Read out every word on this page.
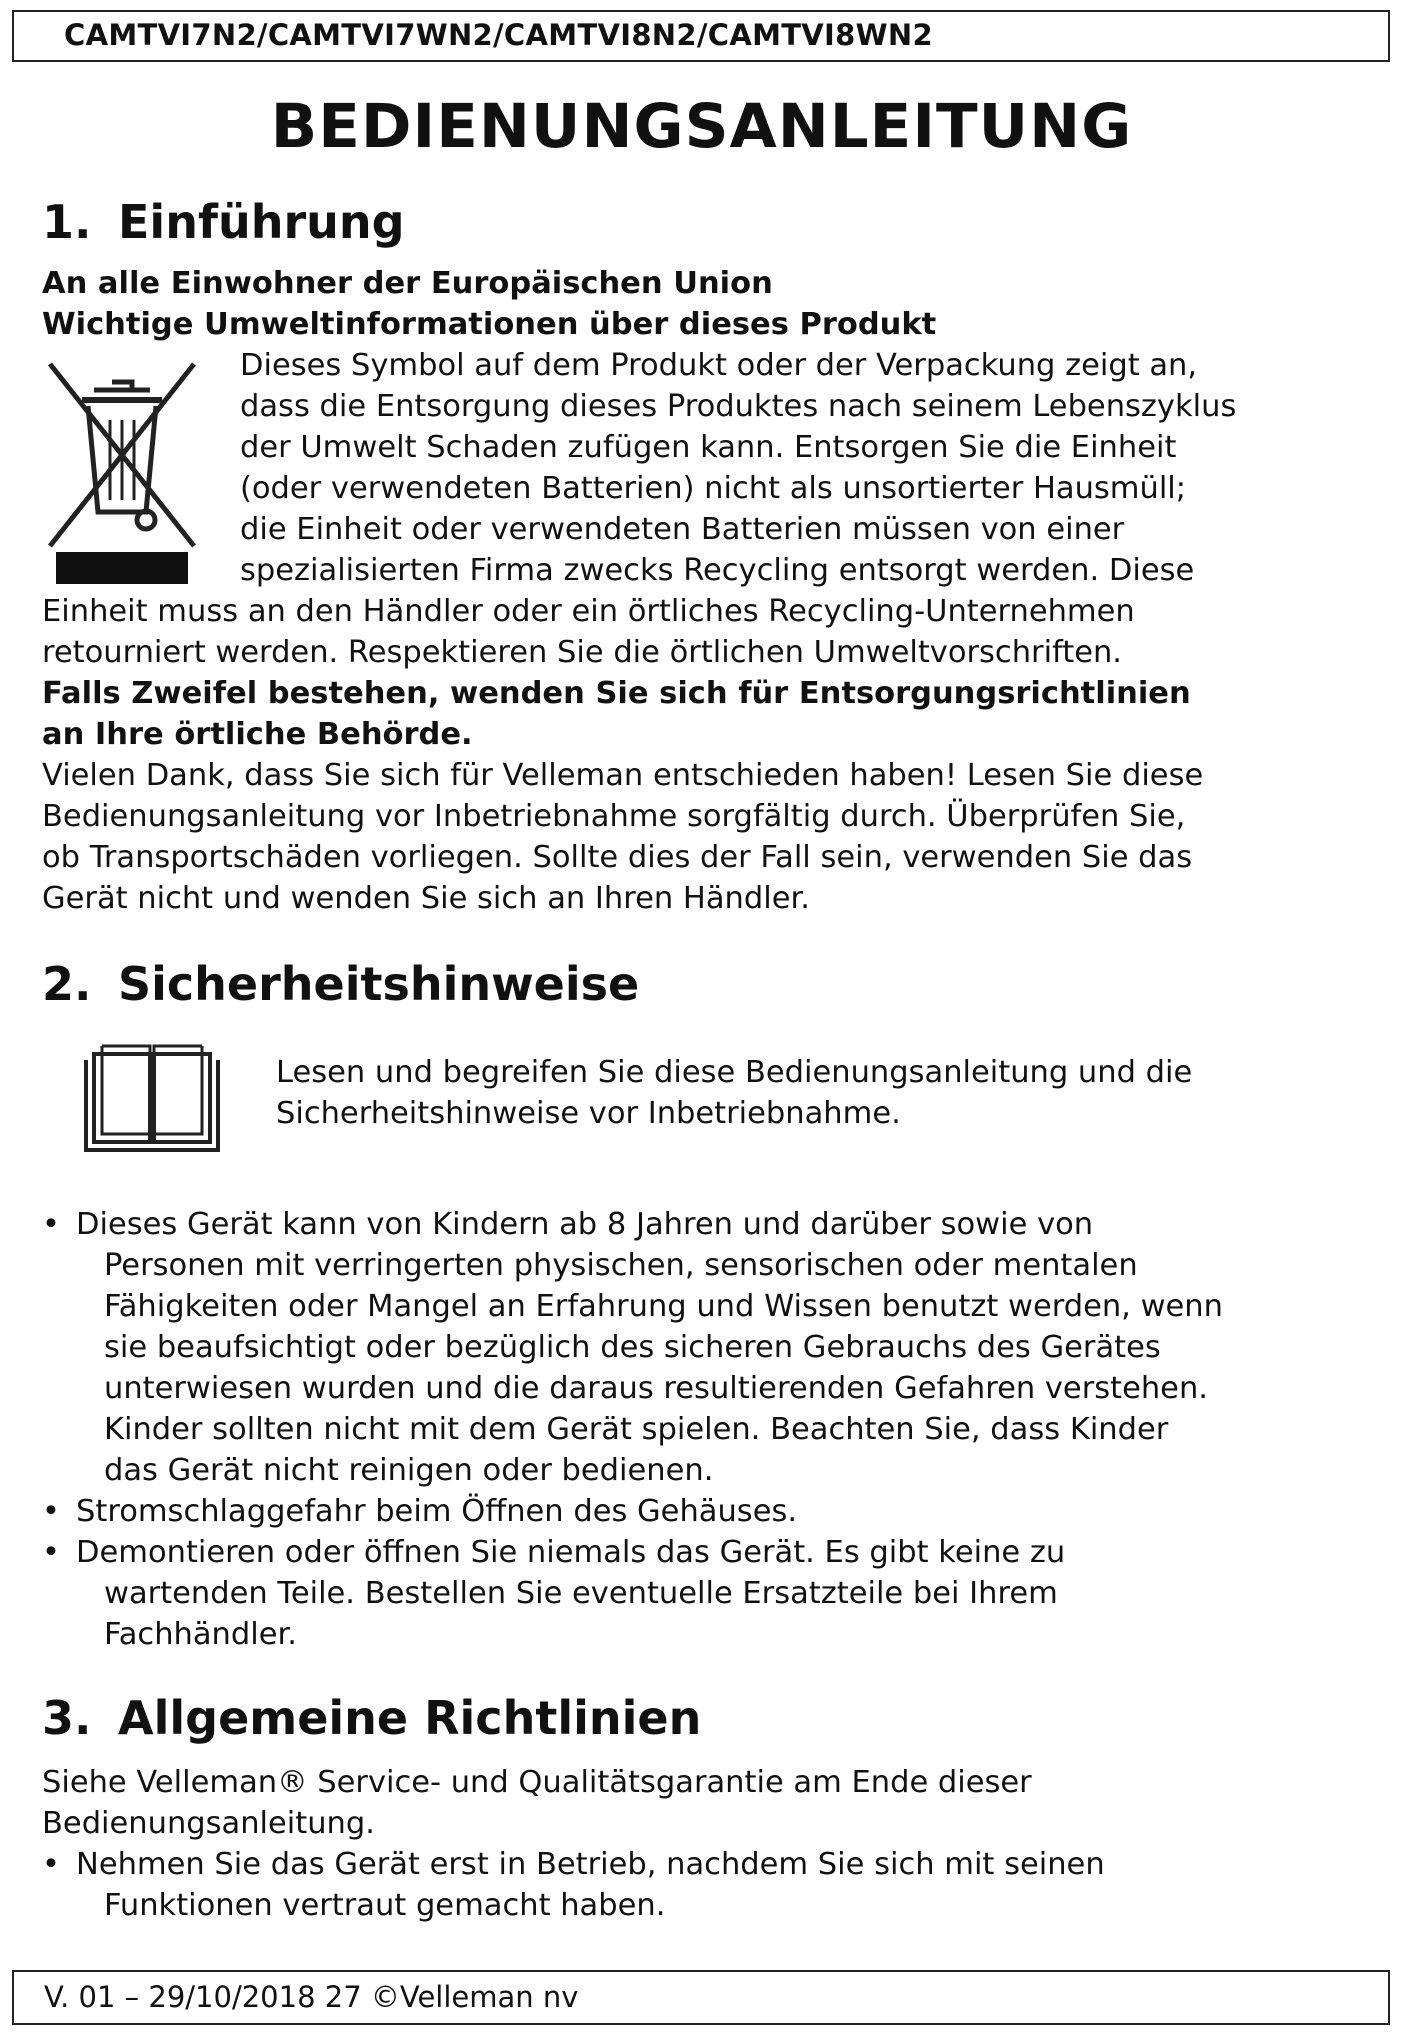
CAMTVI7N2/CAMTVI7WN2/CAMTVI8N2/CAMTVI8WN2
BEDIENUNGSANLEITUNG
1. Einführung

An alle Einwohner der Europäischen Union

Wichtige Umweltinformationen über dieses Produkt

Dieses Symbol auf dem Produkt oder der Verpackung zeigt an,

dass die Entsorgung dieses Produktes nach seinem Lebenszyklus

der Umwelt Schaden zufügen kann. Entsorgen Sie die Einheit

(oder verwendeten Batterien) nicht als unsortierter Hausmüll;

die Einheit oder verwendeten Batterien müssen von einer

spezialisierten Firma zwecks Recycling entsorgt werden. Diese

Einheit muss an den Händler oder ein örtliches Recycling-Unternehmen

retourniert werden. Respektieren Sie die örtlichen Umweltvorschriften.

Falls Zweifel bestehen, wenden Sie sich für Entsorgungsrichtlinien

an Ihre örtliche Behörde.

Vielen Dank, dass Sie sich für Velleman entschieden haben! Lesen Sie diese

Bedienungsanleitung vor Inbetriebnahme sorgfältig durch. Überprüfen Sie,

ob Transportschäden vorliegen. Sollte dies der Fall sein, verwenden Sie das

Gerät nicht und wenden Sie sich an Ihren Händler.

2. Sicherheitshinweise

Lesen und begreifen Sie diese Bedienungsanleitung und die

Sicherheitshinweise vor Inbetriebnahme.

• Dieses Gerät kann von Kindern ab 8 Jahren und darüber sowie von

Personen mit verringerten physischen, sensorischen oder mentalen

Fähigkeiten oder Mangel an Erfahrung und Wissen benutzt werden, wenn

sie beaufsichtigt oder bezüglich des sicheren Gebrauchs des Gerätes

unterwiesen wurden und die daraus resultierenden Gefahren verstehen.

Kinder sollten nicht mit dem Gerät spielen. Beachten Sie, dass Kinder

das Gerät nicht reinigen oder bedienen.

• Stromschlaggefahr beim Öffnen des Gehäuses.

• Demontieren oder öffnen Sie niemals das Gerät. Es gibt keine zu

wartenden Teile. Bestellen Sie eventuelle Ersatzteile bei Ihrem

Fachhändler.

3. Allgemeine Richtlinien

Siehe Velleman® Service- und Qualitätsgarantie am Ende dieser

Bedienungsanleitung.

• Nehmen Sie das Gerät erst in Betrieb, nachdem Sie sich mit seinen

Funktionen vertraut gemacht haben.

V. 01 – 29/10/2018 27 ©Velleman nv
